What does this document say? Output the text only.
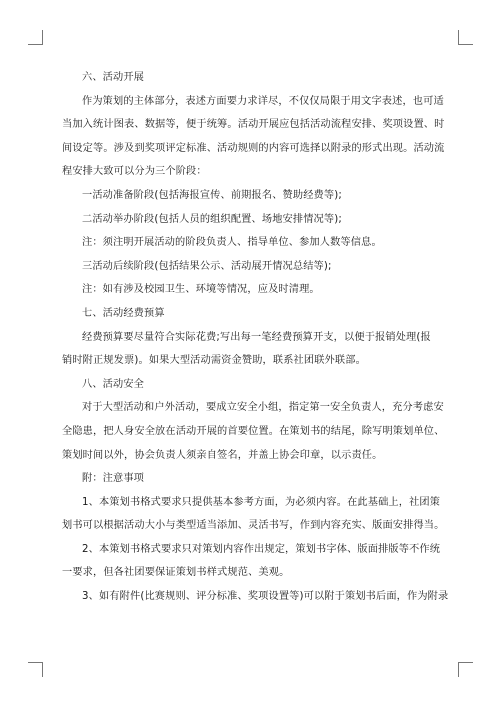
六、活动开展
作为策划的主体部分，表述方面要力求详尽，不仅仅局限于用文字表述，也可适
当加入统计图表、数据等，便于统筹。活动开展应包括活动流程安排、奖项设置、时
间设定等。涉及到奖项评定标准、活动规则的内容可选择以附录的形式出现。活动流
程安排大致可以分为三个阶段：
一活动准备阶段(包括海报宣传、前期报名、赞助经费等);
二活动举办阶段(包括人员的组织配置、场地安排情况等);
注：须注明开展活动的阶段负责人、指导单位、参加人数等信息。
三活动后续阶段(包括结果公示、活动展开情况总结等);
注：如有涉及校园卫生、环境等情况，应及时清理。
七、活动经费预算
经费预算要尽量符合实际花费;写出每一笔经费预算开支，以便于报销处理(报
销时附正规发票)。如果大型活动需资金赞助，联系社团联外联部。
八、活动安全
对于大型活动和户外活动，要成立安全小组，指定第一安全负责人，充分考虑安
全隐患，把人身安全放在活动开展的首要位置。在策划书的结尾，除写明策划单位、
策划时间以外，协会负责人须亲自签名，并盖上协会印章，以示责任。
附：注意事项
1、本策划书格式要求只提供基本参考方面，为必须内容。在此基础上，社团策
划书可以根据活动大小与类型适当添加、灵活书写，作到内容充实、版面安排得当。
2、本策划书格式要求只对策划内容作出规定，策划书字体、版面排版等不作统
一要求，但各社团要保证策划书样式规范、美观。
3、如有附件(比赛规则、评分标准、奖项设置等)可以附于策划书后面，作为附录
